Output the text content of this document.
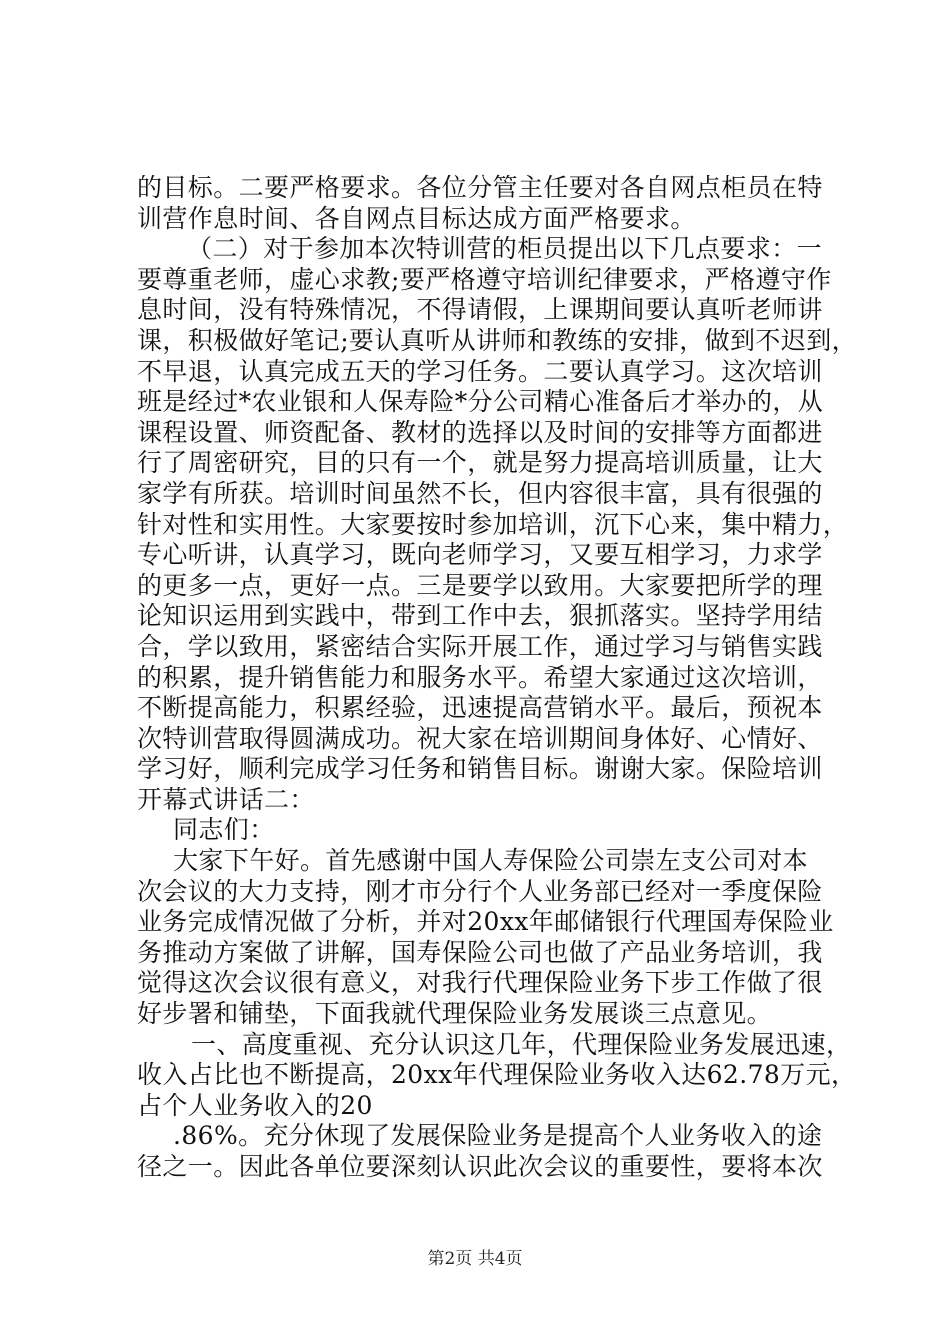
的目标。二要严格要求。各位分管主任要对各自网点柜员在特
训营作息时间、各自网点目标达成方面严格要求。
（二）对于参加本次特训营的柜员提出以下几点要求：一
要尊重老师，虚心求教;要严格遵守培训纪律要求，严格遵守作
息时间，没有特殊情况，不得请假，上课期间要认真听老师讲
课，积极做好笔记;要认真听从讲师和教练的安排，做到不迟到，
不早退，认真完成五天的学习任务。二要认真学习。这次培训
班是经过*农业银和人保寿险*分公司精心准备后才举办的，从
课程设置、师资配备、教材的选择以及时间的安排等方面都进
行了周密研究，目的只有一个，就是努力提高培训质量，让大
家学有所获。培训时间虽然不长，但内容很丰富，具有很强的
针对性和实用性。大家要按时参加培训，沉下心来，集中精力，
专心听讲，认真学习，既向老师学习，又要互相学习，力求学
的更多一点，更好一点。三是要学以致用。大家要把所学的理
论知识运用到实践中，带到工作中去，狠抓落实。坚持学用结
合，学以致用，紧密结合实际开展工作，通过学习与销售实践
的积累，提升销售能力和服务水平。希望大家通过这次培训，
不断提高能力，积累经验，迅速提高营销水平。最后，预祝本
次特训营取得圆满成功。祝大家在培训期间身体好、心情好、
学习好，顺利完成学习任务和销售目标。谢谢大家。保险培训
开幕式讲话二：
同志们：
大家下午好。首先感谢中国人寿保险公司崇左支公司对本
次会议的大力支持，刚才市分行个人业务部已经对一季度保险
业务完成情况做了分析，并对20xx年邮储银行代理国寿保险业
务推动方案做了讲解，国寿保险公司也做了产品业务培训，我
觉得这次会议很有意义，对我行代理保险业务下步工作做了很
好步署和铺垫，下面我就代理保险业务发展谈三点意见。
一、高度重视、充分认识这几年，代理保险业务发展迅速，
收入占比也不断提高，20xx年代理保险业务收入达62.78万元，
占个人业务收入的20
.86%。充分休现了发展保险业务是提高个人业务收入的途
径之一。因此各单位要深刻认识此次会议的重要性，要将本次
第2页 共4页
